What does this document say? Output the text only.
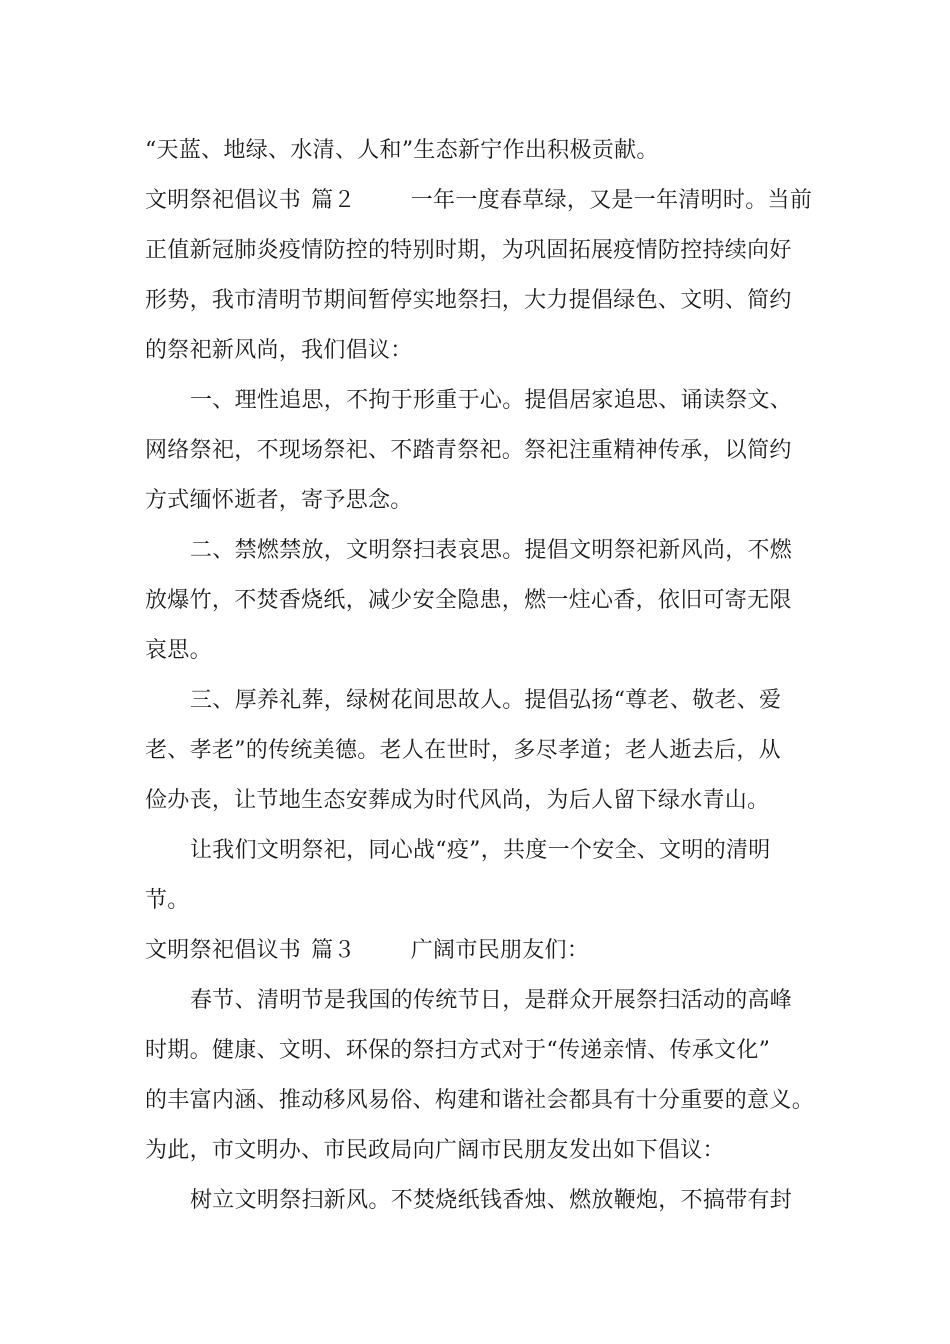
“天蓝、地绿、水清、人和”生态新宁作出积极贡献。
文明祭祀倡议书 篇２	一年一度春草绿，又是一年清明时。当前
正值新冠肺炎疫情防控的特别时期，为巩固拓展疫情防控持续向好
形势，我市清明节期间暂停实地祭扫，大力提倡绿色、文明、简约
的祭祀新风尚，我们倡议：
一、理性追思，不拘于形重于心。提倡居家追思、诵读祭文、
网络祭祀，不现场祭祀、不踏青祭祀。祭祀注重精神传承，以简约
方式缅怀逝者，寄予思念。
二、禁燃禁放，文明祭扫表哀思。提倡文明祭祀新风尚，不燃
放爆竹，不焚香烧纸，减少安全隐患，燃一炷心香，依旧可寄无限
哀思。
三、厚养礼葬，绿树花间思故人。提倡弘扬“尊老、敬老、爱
老、孝老”的传统美德。老人在世时，多尽孝道；老人逝去后，从
俭办丧，让节地生态安葬成为时代风尚，为后人留下绿水青山。
让我们文明祭祀，同心战“疫”，共度一个安全、文明的清明
节。
文明祭祀倡议书 篇３	广阔市民朋友们：
春节、清明节是我国的传统节日，是群众开展祭扫活动的高峰
时期。健康、文明、环保的祭扫方式对于“传递亲情、传承文化”
的丰富内涵、推动移风易俗、构建和谐社会都具有十分重要的意义。
为此，市文明办、市民政局向广阔市民朋友发出如下倡议：
树立文明祭扫新风。不焚烧纸钱香烛、燃放鞭炮，不搞带有封
